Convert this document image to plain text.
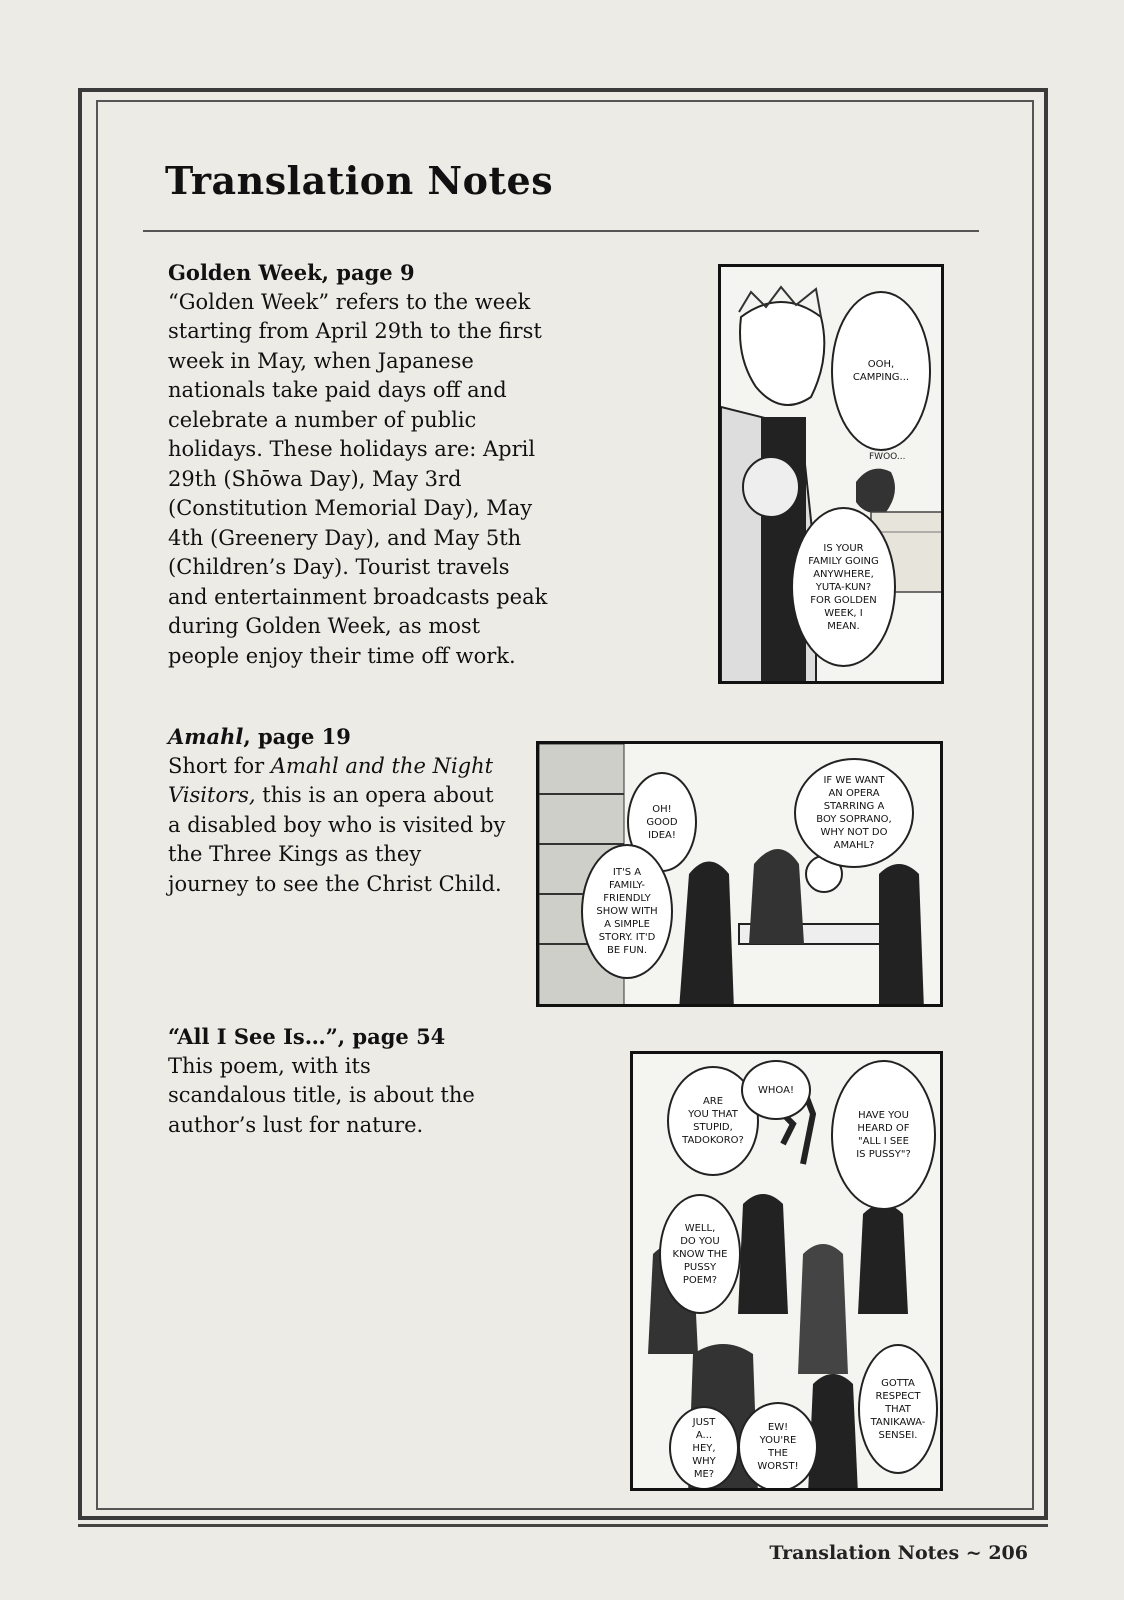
Translation Notes
Golden Week, page 9

“Golden Week” refers to the week starting from April 29th to the first week in May, when Japanese nationals take paid days off and celebrate a number of public holidays. These holidays are: April 29th (Shōwa Day), May 3rd (Constitution Memorial Day), May 4th (Greenery Day), and May 5th (Children’s Day). Tourist travels and entertainment broadcasts peak during Golden Week, as most people enjoy their time off work.

Amahl, page 19

Short for Amahl and the Night Visitors, this is an opera about a disabled boy who is visited by the Three Kings as they journey to see the Christ Child.

“All I See Is…”, page 54

This poem, with its scandalous title, is about the author’s lust for nature.

OOH,
CAMPING...
FWOO...
IS YOUR
FAMILY GOING
ANYWHERE,
YUTA-KUN?
FOR GOLDEN
WEEK, I
MEAN.
OH!
GOOD
IDEA!
IT'S A
FAMILY-
FRIENDLY
SHOW WITH
A SIMPLE
STORY. IT'D
BE FUN.
IF WE WANT
AN OPERA
STARRING A
BOY SOPRANO,
WHY NOT DO
AMAHL?
ARE
YOU THAT
STUPID,
TADOKORO?
WHOA!
HAVE YOU
HEARD OF
"ALL I SEE
IS PUSSY"?
WELL,
DO YOU
KNOW THE
PUSSY
POEM?
GOTTA
RESPECT
THAT
TANIKAWA-
SENSEI.
EW!
YOU'RE
THE
WORST!
JUST
A...
HEY,
WHY
ME?
Translation Notes ~ 206
